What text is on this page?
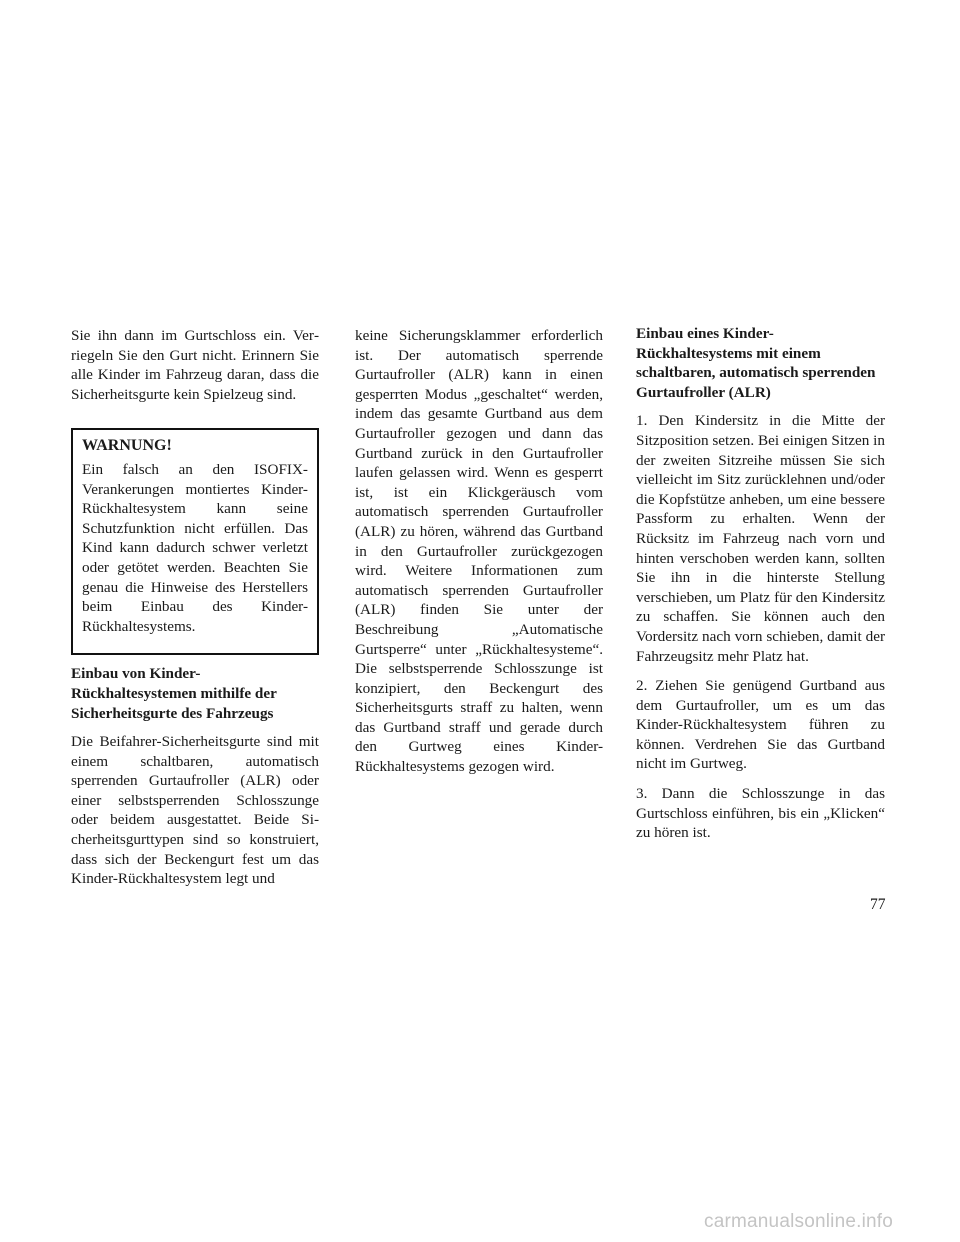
Sie ihn dann im Gurtschloss ein. Verriegeln Sie den Gurt nicht. Erinnern Sie alle Kinder im Fahrzeug daran, dass die Sicherheitsgurte kein Spielzeug sind.

WARNUNG!

Ein falsch an den ISOFIX-Verankerungen montiertes Kinder-Rückhaltesystem kann seine Schutzfunktion nicht erfüllen. Das Kind kann dadurch schwer verletzt oder getötet werden. Beachten Sie genau die Hinweise des Herstellers beim Einbau des Kinder-Rückhaltesystems.

Einbau von Kinder-Rückhaltesystemen mithilfe der Sicherheitsgurte des Fahrzeugs

Die Beifahrer-Sicherheitsgurte sind mit einem schaltbaren, automatisch sperrenden Gurtaufroller (ALR) oder einer selbstsperrenden Schlosszunge oder beidem ausgestattet. Beide Sicherheitsgurttypen sind so konstruiert, dass sich der Beckengurt fest um das Kinder-Rückhaltesystem legt und

keine Sicherungsklammer erforderlich ist. Der automatisch sperrende Gurtaufroller (ALR) kann in einen gesperrten Modus „geschaltet“ werden, indem das gesamte Gurtband aus dem Gurtaufroller gezogen und dann das Gurtband zurück in den Gurtaufroller laufen gelassen wird. Wenn es gesperrt ist, ist ein Klickgeräusch vom automatisch sperrenden Gurtaufroller (ALR) zu hören, während das Gurtband in den Gurtaufroller zurückgezogen wird. Weitere Informationen zum automatisch sperrenden Gurtaufroller (ALR) finden Sie unter der Beschreibung „Automatische Gurtsperre“ unter „Rückhaltesysteme“. Die selbstsperrende Schlosszunge ist konzipiert, den Beckengurt des Sicherheitsgurts straff zu halten, wenn das Gurtband straff und gerade durch den Gurtweg eines Kinder-Rückhaltesystems gezogen wird.

Einbau eines Kinder-Rückhaltesystems mit einem schaltbaren, automatisch sperrenden Gurtaufroller (ALR)

1. Den Kindersitz in die Mitte der Sitzposition setzen. Bei einigen Sitzen in der zweiten Sitzreihe müssen Sie sich vielleicht im Sitz zurücklehnen und/oder die Kopfstütze anheben, um eine bessere Passform zu erhalten. Wenn der Rücksitz im Fahrzeug nach vorn und hinten verschoben werden kann, sollten Sie ihn in die hinterste Stellung verschieben, um Platz für den Kindersitz zu schaffen. Sie können auch den Vordersitz nach vorn schieben, damit der Fahrzeugsitz mehr Platz hat.

2. Ziehen Sie genügend Gurtband aus dem Gurtaufroller, um es um das Kinder-Rückhaltesystem führen zu können. Verdrehen Sie das Gurtband nicht im Gurtweg.

3. Dann die Schlosszunge in das Gurtschloss einführen, bis ein „Klicken“ zu hören ist.

77
carmanualsonline.info
